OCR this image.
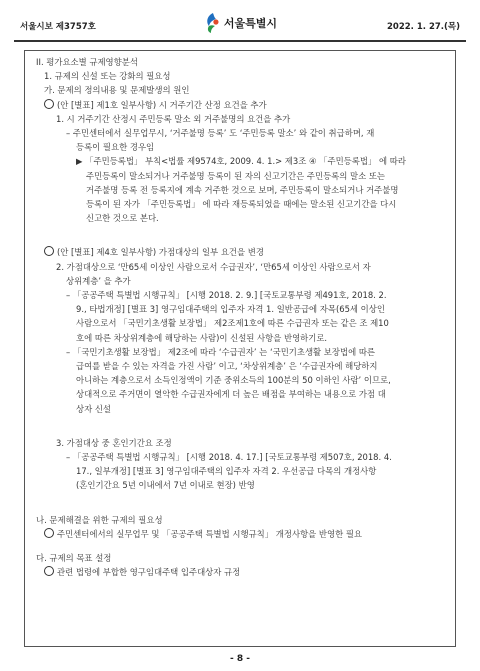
서울시보 제3757호	서울특별시	2022. 1. 27.(목)
II. 평가요소별 규제영향분석
1. 규제의 신설 또는 강화의 필요성
가. 문제의 정의내용 및 문제발생의 원인
(안 [별표] 제1호 일부사항) 시 거주기간 산정 요건을 추가
1. 시 거주기간 산정시 주민등록 말소 외 거주불명의 요건을 추가
– 주민센터에서 실무업무시, ‘거주불명 등록’ 도 ‘주민등록 말소’ 와 같이 취급하며, 재
등록이 필요한 경우임
▶ 「주민등록법」 부칙<법률 제9574호, 2009. 4. 1.> 제3조 ④ 「주민등록법」 에 따라
주민등록이 말소되거나 거주불명 등록이 된 자의 신고기간은 주민등록의 말소 또는
거주불명 등록 전 등록지에 계속 거주한 것으로 보며, 주민등록이 말소되거나 거주불명
등록이 된 자가 「주민등록법」 에 따라 재등록되었을 때에는 말소된 신고기간을 다시
신고한 것으로 본다.
(안 [별표] 제4호 일부사항) 가점대상의 일부 요건을 변경
2. 가점대상으로 ‘만65세 이상인 사람으로서 수급권자’, ‘만65세 이상인 사람으로서 자
상위계층’ 을 추가
– 「공공주택 특별법 시행규칙」 [시행 2018. 2. 9.] [국토교통부령 제491호, 2018. 2.
9., 타법개정] [별표 3] 영구임대주택의 입주자 자격 1. 일반공급에 자목(65세 이상인
사람으로서 「국민기초생활 보장법」 제2조제1호에 따른 수급권자 또는 같은 조 제10
호에 따른 차상위계층에 해당하는 사람)이 신설된 사항을 반영하기로.
– 「국민기초생활 보장법」 제2조에 따라 ‘수급권자’ 는 ‘국민기초생활 보장법에 따른
급여를 받을 수 있는 자격을 가진 사람’ 이고, ‘차상위계층’ 은 ‘수급권자에 해당하지
아니하는 계층으로서 소득인정액이 기준 중위소득의 100분의 50 이하인 사람’ 이므로,
상대적으로 주거면이 열악한 수급권자에게 더 높은 배점을 부여하는 내용으로 가점 대
상자 신설
3. 가점대상 중 혼인기간요 조정
– 「공공주택 특별법 시행규칙」 [시행 2018. 4. 17.] [국토교통부령 제507호, 2018. 4.
17., 일부개정] [별표 3] 영구임대주택의 입주자 자격 2. 우선공급 다목의 개정사항
(혼인기간요 5년 이내에서 7년 이내로 현장) 반영
나. 문제해결을 위한 규제의 필요성
주민센터에서의 실무업무 및 「공공주택 특별법 시행규칙」 개정사항을 반영한 필요
다. 규제의 목표 설정
관련 법령에 부합한 영구임대주택 입주대상자 규정
- 8 -
